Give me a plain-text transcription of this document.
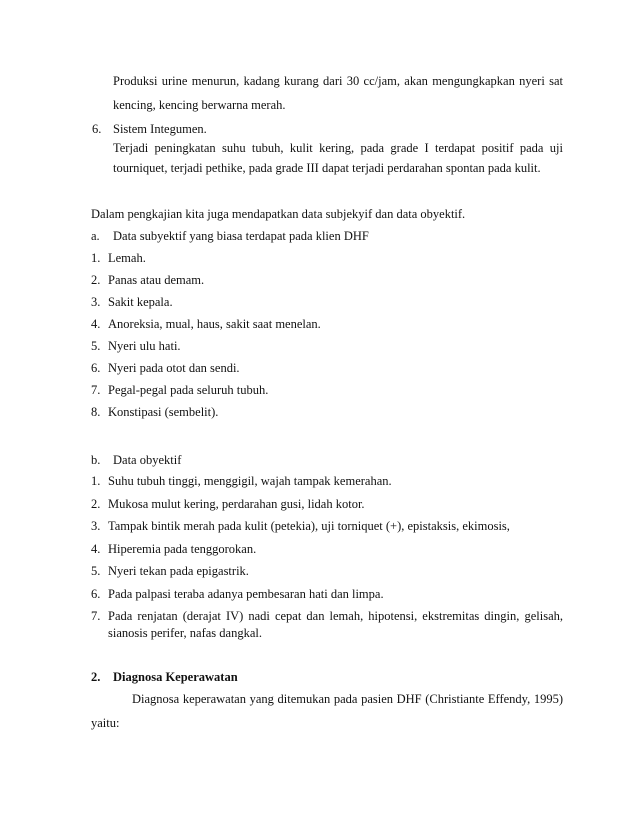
Produksi urine menurun, kadang kurang dari 30 cc/jam, akan mengungkapkan nyeri sat
kencing, kencing berwarna merah.
6. Sistem Integumen.
Terjadi peningkatan suhu tubuh, kulit kering, pada grade I terdapat positif pada uji
tourniquet, terjadi pethike, pada grade III dapat terjadi perdarahan spontan pada kulit.
Dalam pengkajian kita juga mendapatkan data subjekyif dan data obyektif.
a. Data subyektif yang biasa terdapat pada klien DHF
1. Lemah.
2. Panas atau demam.
3. Sakit kepala.
4. Anoreksia, mual, haus, sakit saat menelan.
5. Nyeri ulu hati.
6. Nyeri pada otot dan sendi.
7. Pegal-pegal pada seluruh tubuh.
8. Konstipasi (sembelit).
b. Data obyektif
1. Suhu tubuh tinggi, menggigil, wajah tampak kemerahan.
2. Mukosa mulut kering, perdarahan gusi, lidah kotor.
3. Tampak bintik merah pada kulit (petekia), uji torniquet (+), epistaksis, ekimosis,
4. Hiperemia pada tenggorokan.
5. Nyeri tekan pada epigastrik.
6. Pada palpasi teraba adanya pembesaran hati dan limpa.
7. Pada renjatan (derajat IV) nadi cepat dan lemah, hipotensi, ekstremitas dingin, gelisah,
sianosis perifer, nafas dangkal.
2. Diagnosa Keperawatan
Diagnosa keperawatan yang ditemukan pada pasien DHF (Christiante Effendy, 1995)
yaitu:
